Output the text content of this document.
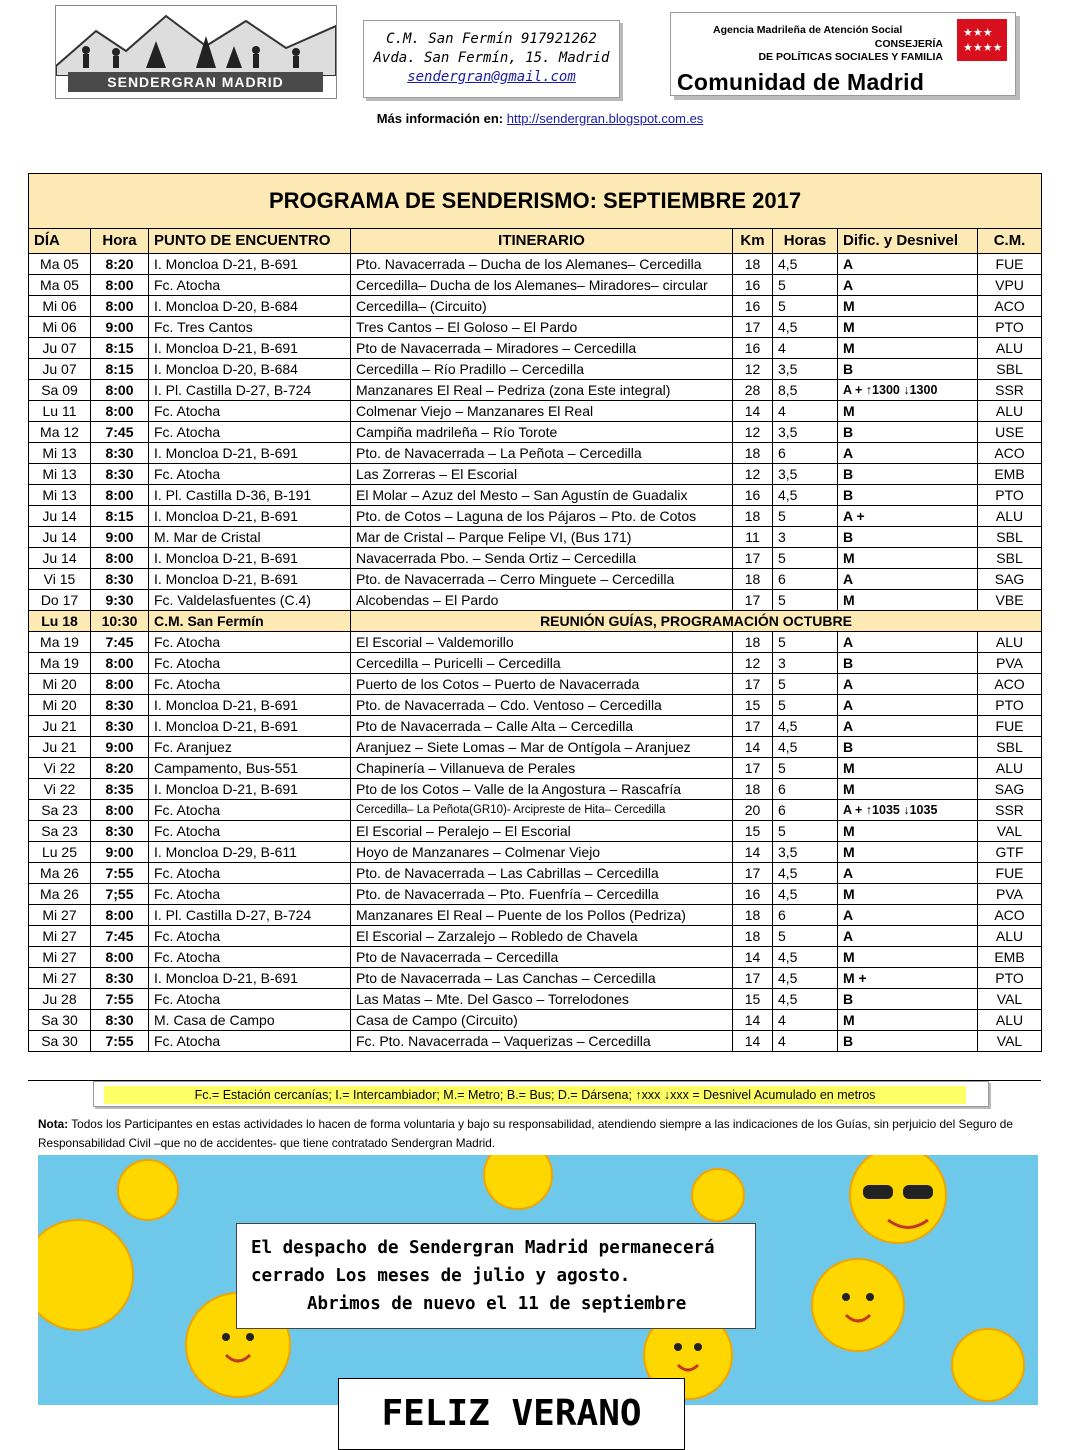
SENDERGRAN MADRID
C.M. San Fermín 917921262
Avda. San Fermín, 15. Madrid
sendergran@gmail.com
Agencia Madrileña de Atención Social
CONSEJERÍA
DE POLÍTICAS SOCIALES Y FAMILIA
Comunidad de Madrid
★★★
★★★★
Más información en: http://sendergran.blogspot.com.es
PROGRAMA DE SENDERISMO: SEPTIEMBRE 2017							
DÍA	Hora	PUNTO DE ENCUENTRO	ITINERARIO	Km	Horas	Dific. y Desnivel	C.M.
Ma 05	8:20	I. Moncloa D-21, B-691	Pto. Navacerrada – Ducha de los Alemanes– Cercedilla	18	4,5	A	FUE
Ma 05	8:00	Fc. Atocha	Cercedilla– Ducha de los Alemanes– Miradores– circular	16	5	A	VPU
Mi 06	8:00	I. Moncloa D-20, B-684	Cercedilla– (Circuito)	16	5	M	ACO
Mi 06	9:00	Fc. Tres Cantos	Tres Cantos – El Goloso – El Pardo	17	4,5	M	PTO
Ju 07	8:15	I. Moncloa D-21, B-691	Pto de Navacerrada – Miradores – Cercedilla	16	4	M	ALU
Ju 07	8:15	I. Moncloa D-20, B-684	Cercedilla – Río Pradillo – Cercedilla	12	3,5	B	SBL
Sa 09	8:00	I. Pl. Castilla D-27, B-724	Manzanares El Real – Pedriza (zona Este integral)	28	8,5	A + ↑1300 ↓1300	SSR
Lu 11	8:00	Fc. Atocha	Colmenar Viejo – Manzanares El Real	14	4	M	ALU
Ma 12	7:45	Fc. Atocha	Campiña madrileña – Río Torote	12	3,5	B	USE
Mi 13	8:30	I. Moncloa D-21, B-691	Pto. de Navacerrada – La Peñota – Cercedilla	18	6	A	ACO
Mi 13	8:30	Fc. Atocha	Las Zorreras – El Escorial	12	3,5	B	EMB
Mi 13	8:00	I. Pl. Castilla D-36, B-191	El Molar – Azuz del Mesto – San Agustín de Guadalix	16	4,5	B	PTO
Ju 14	8:15	I. Moncloa D-21, B-691	Pto. de Cotos – Laguna de los Pájaros – Pto. de Cotos	18	5	A +	ALU
Ju 14	9:00	M. Mar de Cristal	Mar de Cristal – Parque Felipe VI, (Bus 171)	11	3	B	SBL
Ju 14	8:00	I. Moncloa D-21, B-691	Navacerrada Pbo. – Senda Ortiz – Cercedilla	17	5	M	SBL
Vi 15	8:30	I. Moncloa D-21, B-691	Pto. de Navacerrada – Cerro Minguete – Cercedilla	18	6	A	SAG
Do 17	9:30	Fc. Valdelasfuentes (C.4)	Alcobendas – El Pardo	17	5	M	VBE
Lu 18	10:30	C.M. San Fermín	REUNIÓN GUÍAS, PROGRAMACIÓN OCTUBRE				
Ma 19	7:45	Fc. Atocha	El Escorial – Valdemorillo	18	5	A	ALU
Ma 19	8:00	Fc. Atocha	Cercedilla – Puricelli – Cercedilla	12	3	B	PVA
Mi 20	8:00	Fc. Atocha	Puerto de los Cotos – Puerto de Navacerrada	17	5	A	ACO
Mi 20	8:30	I. Moncloa D-21, B-691	Pto. de Navacerrada – Cdo. Ventoso – Cercedilla	15	5	A	PTO
Ju 21	8:30	I. Moncloa D-21, B-691	Pto de Navacerrada – Calle Alta – Cercedilla	17	4,5	A	FUE
Ju 21	9:00	Fc. Aranjuez	Aranjuez – Siete Lomas – Mar de Ontígola – Aranjuez	14	4,5	B	SBL
Vi 22	8:20	Campamento, Bus-551	Chapinería – Villanueva de Perales	17	5	M	ALU
Vi 22	8:35	I. Moncloa D-21, B-691	Pto de los Cotos – Valle de la Angostura – Rascafría	18	6	M	SAG
Sa 23	8:00	Fc. Atocha	Cercedilla– La Peñota(GR10)- Arcipreste de Hita– Cercedilla	20	6	A + ↑1035 ↓1035	SSR
Sa 23	8:30	Fc. Atocha	El Escorial – Peralejo – El Escorial	15	5	M	VAL
Lu 25	9:00	I. Moncloa D-29, B-611	Hoyo de Manzanares – Colmenar Viejo	14	3,5	M	GTF
Ma 26	7:55	Fc. Atocha	Pto. de Navacerrada – Las Cabrillas – Cercedilla	17	4,5	A	FUE
Ma 26	7;55	Fc. Atocha	Pto. de Navacerrada – Pto. Fuenfría – Cercedilla	16	4,5	M	PVA
Mi 27	8:00	I. Pl. Castilla D-27, B-724	Manzanares El Real – Puente de los Pollos (Pedriza)	18	6	A	ACO
Mi 27	7:45	Fc. Atocha	El Escorial – Zarzalejo – Robledo de Chavela	18	5	A	ALU
Mi 27	8:00	Fc. Atocha	Pto de Navacerrada – Cercedilla	14	4,5	M	EMB
Mi 27	8:30	I. Moncloa D-21, B-691	Pto de Navacerrada – Las Canchas – Cercedilla	17	4,5	M +	PTO
Ju 28	7:55	Fc. Atocha	Las Matas – Mte. Del Gasco – Torrelodones	15	4,5	B	VAL
Sa 30	8:30	M. Casa de Campo	Casa de Campo (Circuito)	14	4	M	ALU
Sa 30	7:55	Fc. Atocha	Fc. Pto. Navacerrada – Vaquerizas – Cercedilla	14	4	B	VAL
Fc.= Estación cercanías; I.= Intercambiador; M.= Metro; B.= Bus; D.= Dársena; ↑xxx ↓xxx = Desnivel Acumulado en metros
Nota: Todos los Participantes en estas actividades lo hacen de forma voluntaria y bajo su responsabilidad, atendiendo siempre a las indicaciones de los Guías, sin perjuicio del Seguro de Responsabilidad Civil –que no de accidentes- que tiene contratado Sendergran Madrid.
El despacho de Sendergran Madrid permanecerá
cerrado Los meses de julio y agosto.
Abrimos de nuevo el 11 de septiembre
FELIZ VERANO
